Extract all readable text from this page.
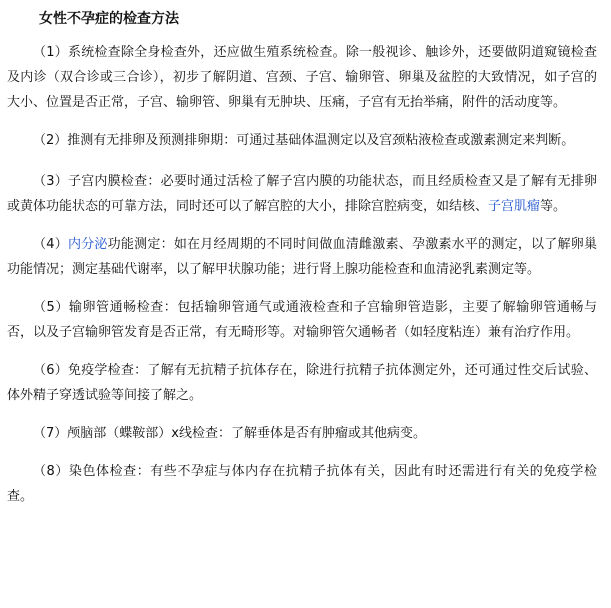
女性不孕症的检查方法

（1）系统检查除全身检查外，还应做生殖系统检查。除一般视诊、触诊外，还要做阴道窥镜检查及内诊（双合诊或三合诊），初步了解阴道、宫颈、子宫、输卵管、卵巢及盆腔的大致情况，如子宫的大小、位置是否正常，子宫、输卵管、卵巢有无肿块、压痛，子宫有无抬举痛，附件的活动度等。

（2）推测有无排卵及预测排卵期：可通过基础体温测定以及宫颈粘液检查或激素测定来判断。

（3）子宫内膜检查：必要时通过活检了解子宫内膜的功能状态，而且经质检查又是了解有无排卵或黄体功能状态的可靠方法，同时还可以了解宫腔的大小，排除宫腔病变，如结核、子宫肌瘤等。

（4）内分泌功能测定：如在月经周期的不同时间做血清雌激素、孕激素水平的测定，以了解卵巢功能情况；测定基础代谢率，以了解甲状腺功能；进行肾上腺功能检查和血清泌乳素测定等。

（5）输卵管通畅检查：包括输卵管通气或通液检查和子宫输卵管造影，主要了解输卵管通畅与否，以及子宫输卵管发育是否正常，有无畸形等。对输卵管欠通畅者（如轻度粘连）兼有治疗作用。

（6）免疫学检查：了解有无抗精子抗体存在，除进行抗精子抗体测定外，还可通过性交后试验、体外精子穿透试验等间接了解之。

（7）颅脑部（蝶鞍部）x线检查：了解垂体是否有肿瘤或其他病变。

（8）染色体检查：有些不孕症与体内存在抗精子抗体有关，因此有时还需进行有关的免疫学检查。
